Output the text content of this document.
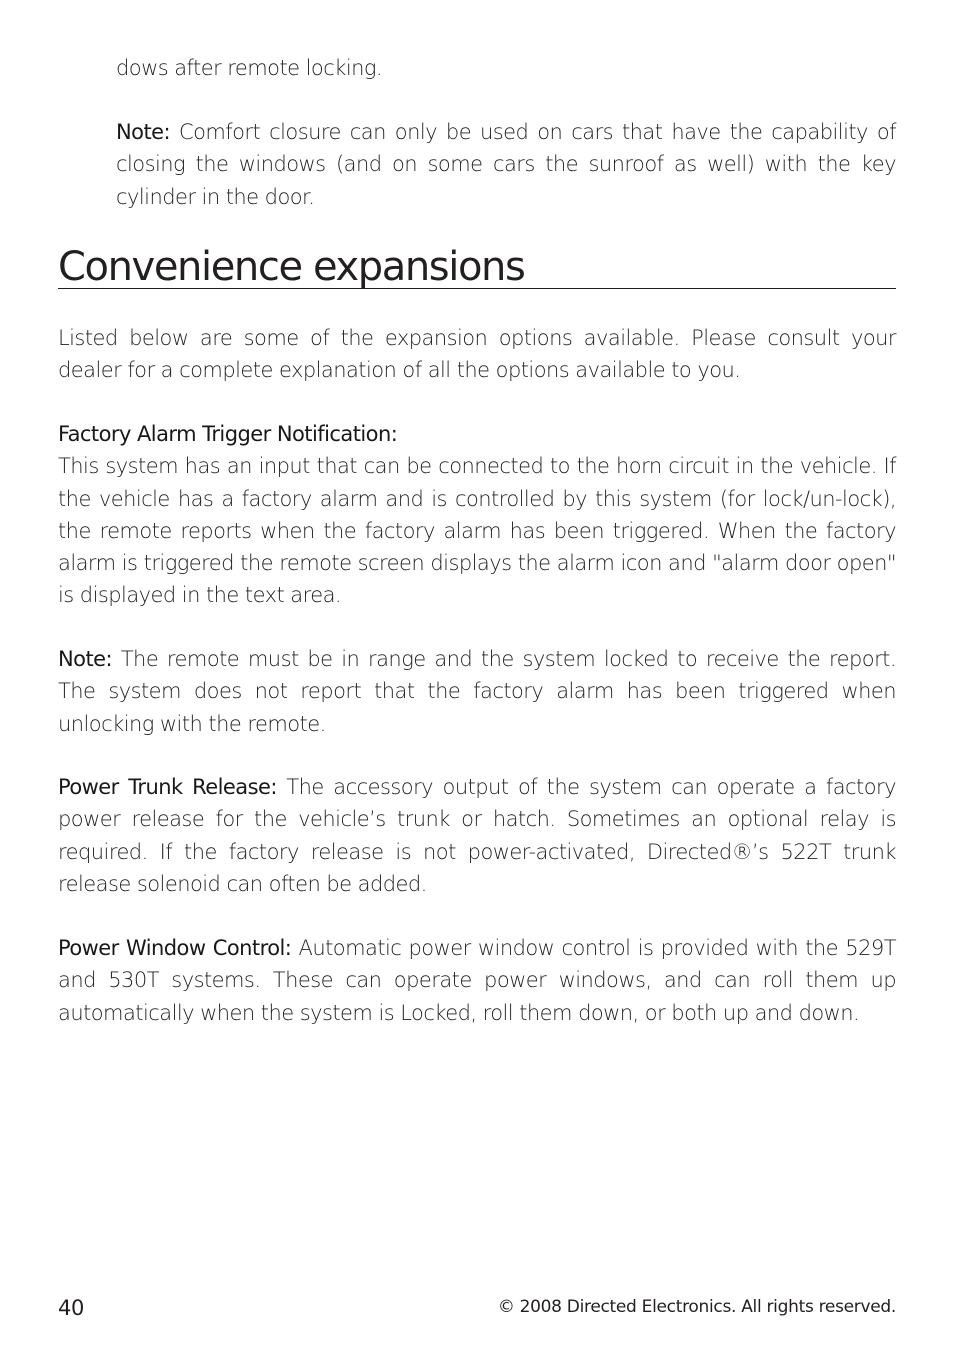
dows after remote locking.

Note: Comfort closure can only be used on cars that have the capability of closing the windows (and on some cars the sunroof as well) with the key cylinder in the door.

Convenience expansions

Listed below are some of the expansion options available. Please consult your dealer for a complete explanation of all the options available to you.

Factory Alarm Trigger Notification:

This system has an input that can be connected to the horn circuit in the vehicle. If the vehicle has a factory alarm and is controlled by this system (for lock/un-lock), the remote reports when the factory alarm has been triggered. When the factory alarm is triggered the remote screen displays the alarm icon and "alarm door open" is displayed in the text area.

Note: The remote must be in range and the system locked to receive the report. The system does not report that the factory alarm has been triggered when unlocking with the remote.

Power Trunk Release: The accessory output of the system can operate a factory power release for the vehicle’s trunk or hatch. Sometimes an optional relay is required. If the factory release is not power-activated, Directed®’s 522T trunk release solenoid can often be added.

Power Window Control: Automatic power window control is provided with the 529T and 530T systems. These can operate power windows, and can roll them up automatically when the system is Locked, roll them down, or both up and down.

40	© 2008 Directed Electronics. All rights reserved.
